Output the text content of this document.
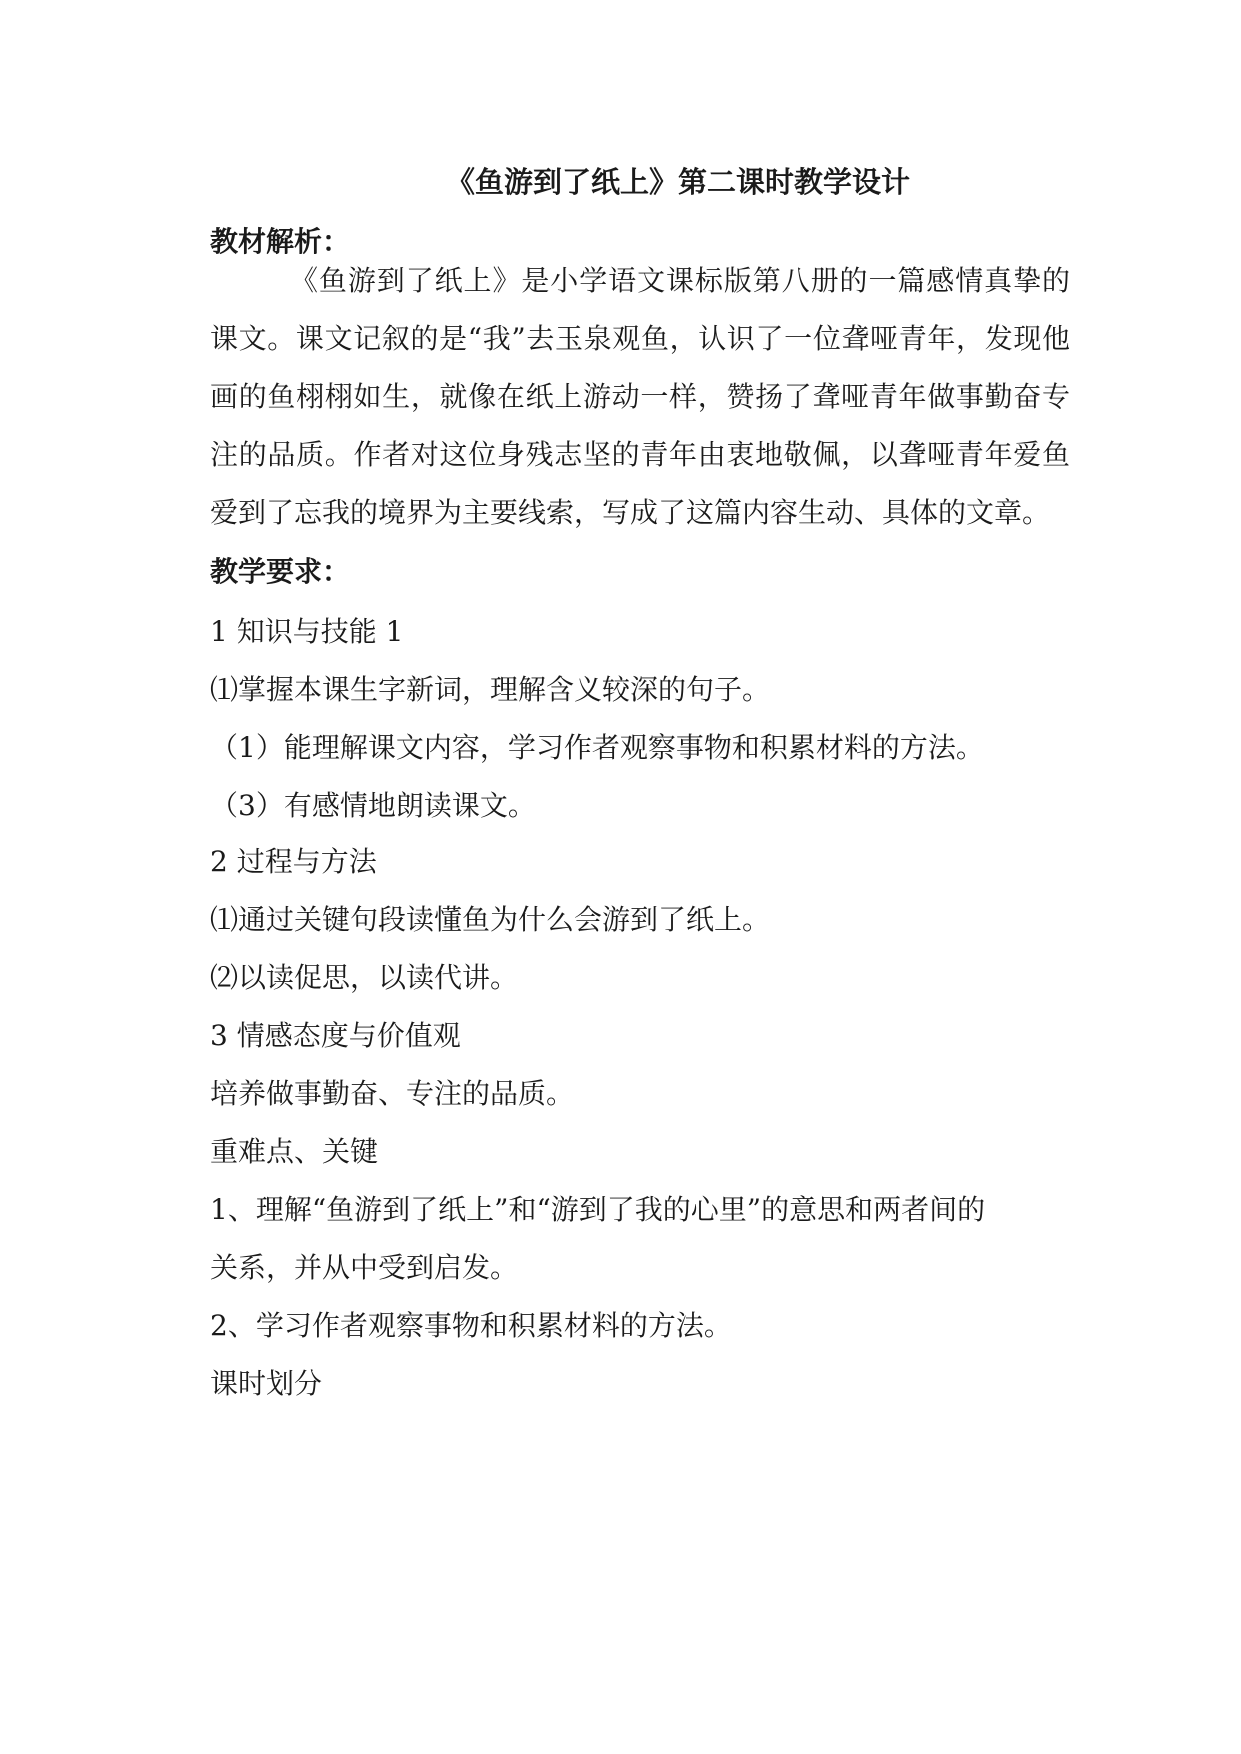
《鱼游到了纸上》第二课时教学设计
教材解析：
《鱼游到了纸上》是小学语文课标版第八册的一篇感情真挚的课文。课文记叙的是“我”去玉泉观鱼，认识了一位聋哑青年，发现他画的鱼栩栩如生，就像在纸上游动一样，赞扬了聋哑青年做事勤奋专注的品质。作者对这位身残志坚的青年由衷地敬佩，以聋哑青年爱鱼爱到了忘我的境界为主要线索，写成了这篇内容生动、具体的文章。
教学要求：
1 知识与技能 1
⑴掌握本课生字新词，理解含义较深的句子。
（1）能理解课文内容，学习作者观察事物和积累材料的方法。
（3）有感情地朗读课文。
2 过程与方法
⑴通过关键句段读懂鱼为什么会游到了纸上。
⑵以读促思，以读代讲。
3 情感态度与价值观
培养做事勤奋、专注的品质。
重难点、关键
1、理解“鱼游到了纸上”和“游到了我的心里”的意思和两者间的
关系，并从中受到启发。
2、学习作者观察事物和积累材料的方法。
课时划分
